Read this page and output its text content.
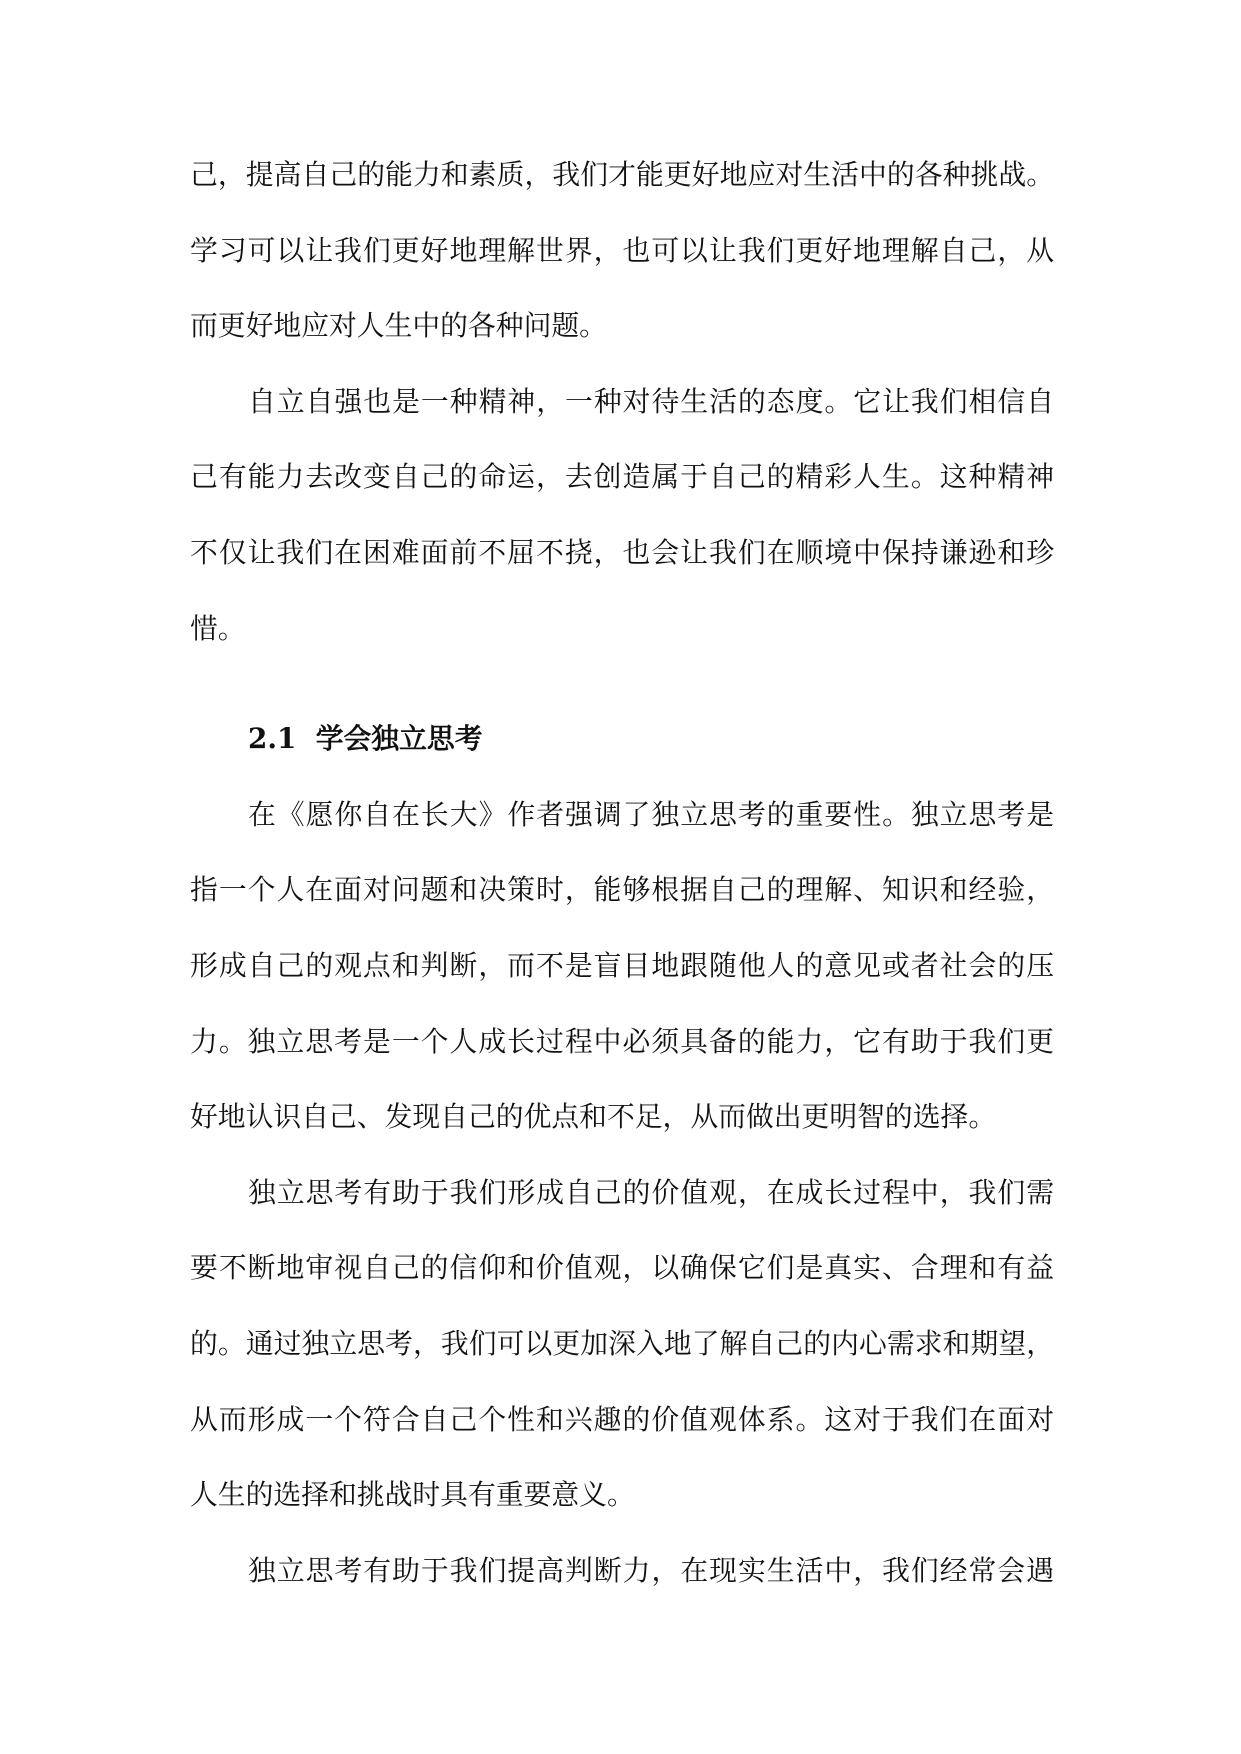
己，提高自己的能力和素质，我们才能更好地应对生活中的各种挑战。
学习可以让我们更好地理解世界，也可以让我们更好地理解自己，从
而更好地应对人生中的各种问题。
自立自强也是一种精神，一种对待生活的态度。它让我们相信自
己有能力去改变自己的命运，去创造属于自己的精彩人生。这种精神
不仅让我们在困难面前不屈不挠，也会让我们在顺境中保持谦逊和珍
惜。
2.1  学会独立思考
在《愿你自在长大》作者强调了独立思考的重要性。独立思考是
指一个人在面对问题和决策时，能够根据自己的理解、知识和经验，
形成自己的观点和判断，而不是盲目地跟随他人的意见或者社会的压
力。独立思考是一个人成长过程中必须具备的能力，它有助于我们更
好地认识自己、发现自己的优点和不足，从而做出更明智的选择。
独立思考有助于我们形成自己的价值观，在成长过程中，我们需
要不断地审视自己的信仰和价值观，以确保它们是真实、合理和有益
的。通过独立思考，我们可以更加深入地了解自己的内心需求和期望，
从而形成一个符合自己个性和兴趣的价值观体系。这对于我们在面对
人生的选择和挑战时具有重要意义。
独立思考有助于我们提高判断力，在现实生活中，我们经常会遇
